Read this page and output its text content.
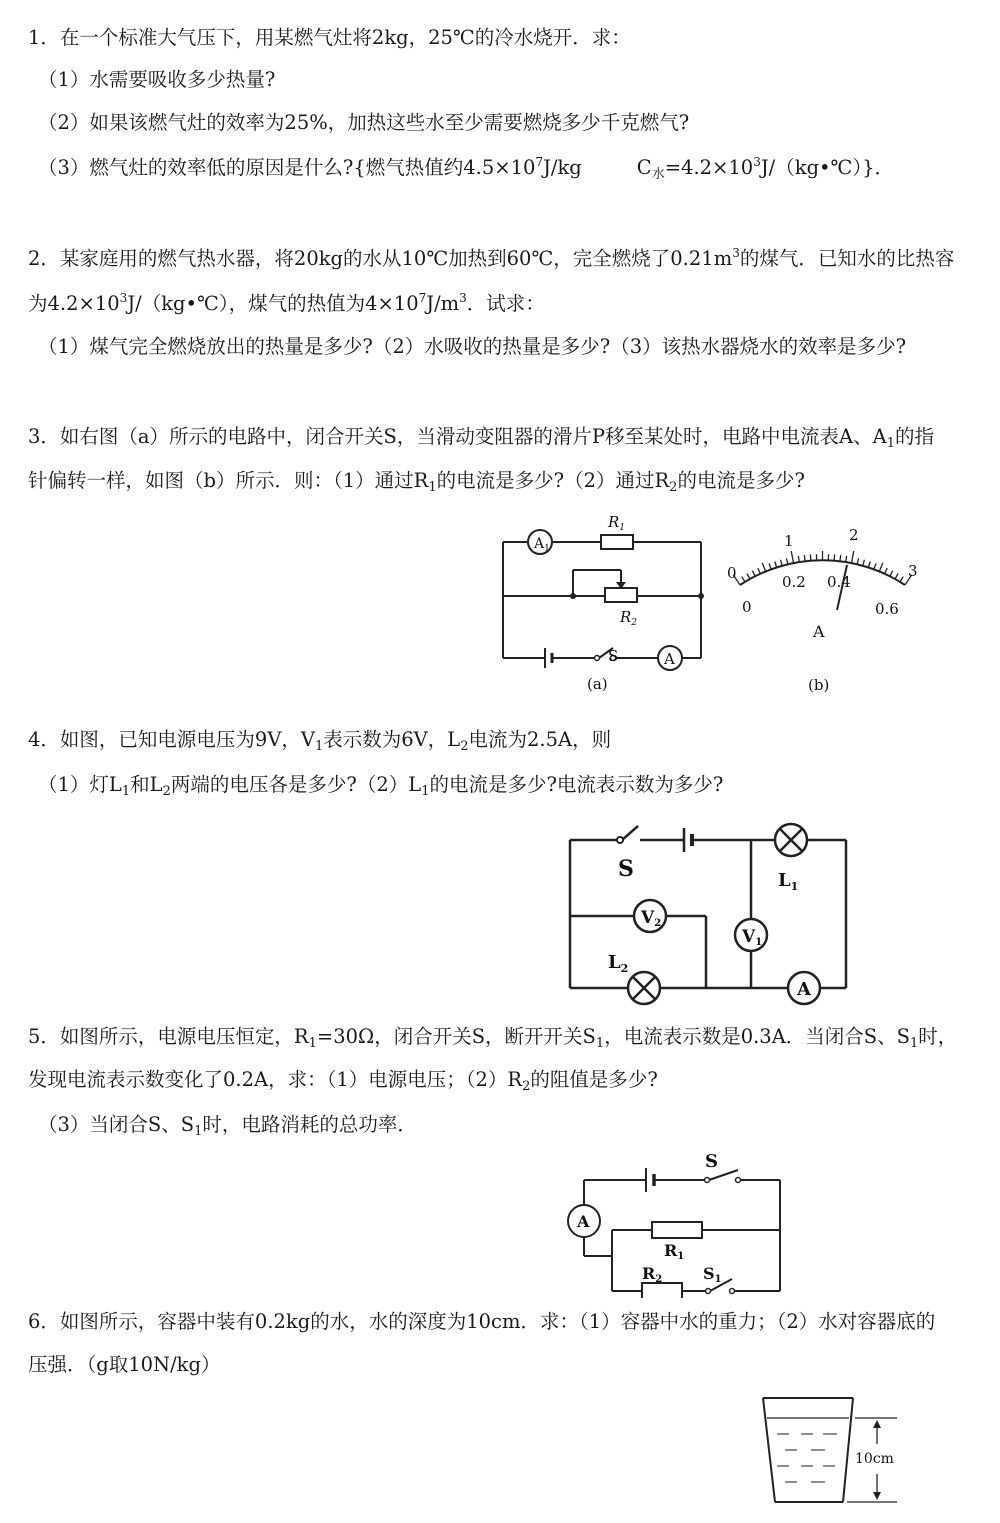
1．在一个标准大气压下，用某燃气灶将2kg，25℃的冷水烧开．求：
（1）水需要吸收多少热量?
（2）如果该燃气灶的效率为25%，加热这些水至少需要燃烧多少千克燃气?
（3）燃气灶的效率低的原因是什么?{燃气热值约$4.5\times 10^7J/kg$	$C_水=4.2\times 10^3J/(kg•℃)$}．
2．某家庭用的燃气热水器，将20kg的水从10℃加热到60℃，完全燃烧了$0.21m^3$的煤气．已知水的比热容
为$4.2\times 10^3J/(kg•℃)$，煤气的热值为$4\times 10^7J/m^3$．试求：
（1）煤气完全燃烧放出的热量是多少?（2）水吸收的热量是多少?（3）该热水器烧水的效率是多少?
3．如右图（a）所示的电路中，闭合开关S，当滑动变阻器的滑片P移至某处时，电路中电流表A、$A_1$的指
针偏转一样，如图（b）所示．则：（1）通过$R_1$的电流是多少?（2）通过$R_2$的电流是多少?
$A_1$
A
$R_1$
$R_2$
S
(a)
0
1	2
3
0
0.2 0.4
0.6
A
(b)
4．如图，已知电源电压为9V，$V_1$表示数为6V，$L_2$电流为2.5A，则
（1）灯$L_1$和$L_2$两端的电压各是多少$?(2)L_1$的电流是多少?电流表示数为多少?
S	$L_1$
$L_2$
V2
V1
A
5．如图所示，电源电压恒定，$R_1=30\Omega$，闭合开关S，断开开关$S_1$，电流表示数是0.3A．当闭合S、$S_1$时，
发现电流表示数变化了0.2A，求：（1）电源电压；$(2)R_2$的阻值是多少?
（3）当闭合S、$S_1$时，电路消耗的总功率．
A
S
R1
R2	S1
6．如图所示，容器中装有0.2kg的水，水的深度为10cm．求：（1）容器中水的重力；（2）水对容器底的
压强．（g取10N/kg）
10cm
